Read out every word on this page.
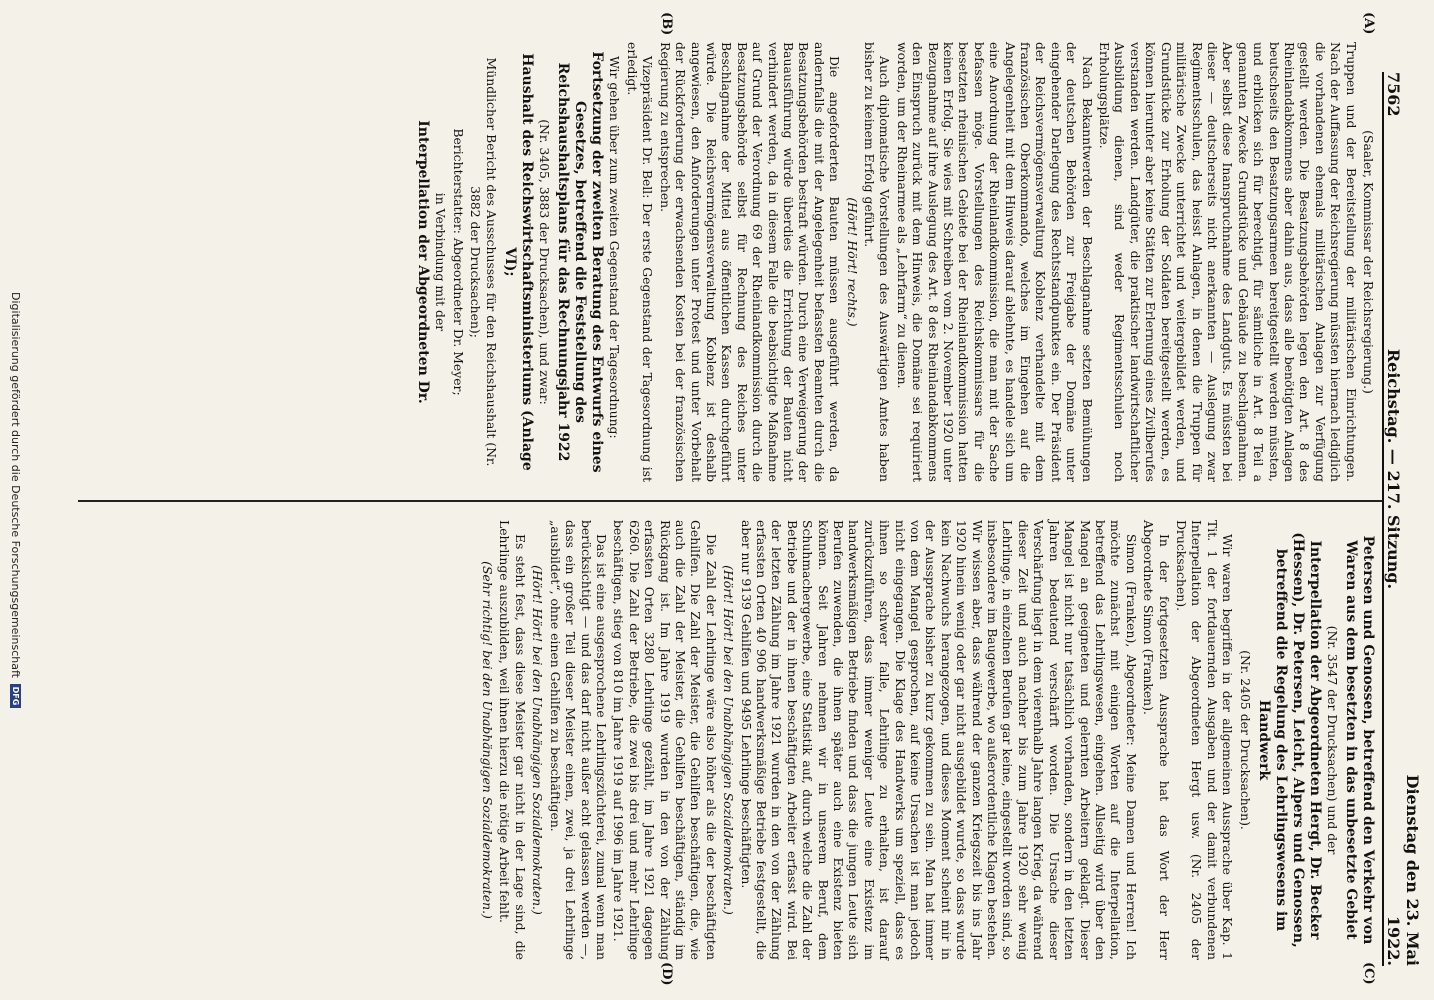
7562
Reichstag. — 217. Sitzung.
Dienstag den 23. Mai 1922.
(A)
(B)
(C)
(D)

(Saaler, Kommissar der Reichsregierung.)

Truppen und der Bereitstellung der militärischen Einrichtungen. Nach der Auffassung der Reichsregierung müssten hiernach lediglich die vorhandenen ehemals militärischen Anlagen zur Verfügung gestellt werden. Die Besatzungsbehörden legen den Art. 8 des Rheinlandabkommens aber dahin aus, dass alle benötigten Anlagen beutschseits den Besatzungsarmeen bereitgestellt werden müssten, und erblicken sich für berechtigt, für sämtliche in Art. 8 Teil a genannten Zwecke Grundstücke und Gebäude zu beschlagnahmen. Aber selbst diese Inanspruchnahme des Landguts. Es müssten bei dieser — deutscherseits nicht anerkannten — Auslegung zwar Regimentsschulen, das heisst Anlagen, in denen die Truppen für militärische Zwecke unterrichtet und weitergebildet werden, und Grundstücke zur Erholung der Soldaten bereitgestellt werden, es können hierunter aber keine Stätten zur Erlernung eines Zivilberufes verstanden werden. Landgüter, die praktischer landwirtschaftlicher Ausbildung dienen, sind weder Regimentsschulen noch Erholungsplätze.

Nach Bekanntwerden der Beschlagnahme setzten Bemühungen der deutschen Behörden zur Freigabe der Domäne unter eingehender Darlegung des Rechtsstandpunktes ein. Der Präsident der Reichsvermögensverwaltung Koblenz verhandelte mit dem französischen Oberkommando, welches im Eingehen auf die Angelegenheit mit dem Hinweis darauf ablehnte, es handele sich um eine Anordnung der Rheinlandkommission, die man mit der Sache befassen möge. Vorstellungen des Reichskommissars für die besetzten rheinischen Gebiete bei der Rheinlandkommission hatten keinen Erfolg. Sie wies mit Schreiben vom 2. November 1920 unter Bezugnahme auf ihre Auslegung des Art. 8 des Rheinlandabkommens den Einspruch zurück mit dem Hinweis, die Domäne sei requiriert worden, um der Rheinarmee als „Lehrfarm“ zu dienen.

Auch diplomatische Vorstellungen des Auswärtigen Amtes haben bisher zu keinem Erfolg geführt.

(Hört! Hört! rechts.)

Die angeforderten Bauten müssen ausgeführt werden, da andernfalls die mit der Angelegenheit befassten Beamten durch die Besatzungsbehörden bestraft würden. Durch eine Verweigerung der Bauausführung würde überdies die Errichtung der Bauten nicht verhindert werden, da in diesem Falle die beabsichtigte Maßnahme auf Grund der Verordnung 69 der Rheinlandkommission durch die Besatzungsbehörde selbst für Rechnung des Reiches unter Beschlagnahme der Mittel aus öffentlichen Kassen durchgeführt würde. Die Reichsvermögensverwaltung Koblenz ist deshalb angewiesen, den Anforderungen unter Protest und unter Vorbehalt der Rückforderung der erwachsenden Kosten bei der französischen Regierung zu entsprechen.

Vizepräsident Dr. Bell: Der erste Gegenstand der Tagesordnung ist erledigt.

Wir gehen über zum zweiten Gegenstand der Tagesordnung:

Fortsetzung der zweiten Beratung des Entwurfs eines Gesetzes, betreffend die Feststellung des Reichshaushaltsplans für das Rechnungsjahr 1922

(Nr. 3405, 3883 der Drucksachen), und zwar:

Haushalt des Reichswirtschaftsministeriums (Anlage VI);

Mündlicher Bericht des Ausschusses für den Reichshaushalt (Nr. 3882 der Drucksachen);

Berichterstatter: Abgeordneter Dr. Meyer;

in Verbindung mit der

Interpellation der Abgeordneten Dr.

Petersen und Genossen, betreffend den Verkehr von Waren aus dem besetzten in das unbesetzte Gebiet

(Nr. 3547 der Drucksachen) und der

Interpellation der Abgeordneten Hergt, Dr. Becker (Hessen), Dr. Petersen, Leicht, Alpers und Genossen, betreffend die Regelung des Lehrlingswesens im Handwerk

(Nr. 2405 der Drucksachen).

Wir waren begriffen in der allgemeinen Aussprache über Kap. 1 Tit. 1 der fortdauernden Ausgaben und der damit verbundenen Interpellation der Abgeordneten Hergt usw. (Nr. 2405 der Drucksachen).

In der fortgesetzten Aussprache hat das Wort der Herr Abgeordnete Simon (Franken).

Simon (Franken), Abgeordneter: Meine Damen und Herren! Ich möchte zunächst mit einigen Worten auf die Interpellation, betreffend das Lehrlingswesen, eingehen. Allseitig wird über den Mangel an geeigneten und gelernten Arbeitern geklagt. Dieser Mangel ist nicht nur tatsächlich vorhanden, sondern in den letzten Jahren bedeutend verschärft worden. Die Ursache dieser Verschärfung liegt in dem vierenhalb Jahre langen Krieg, da während dieser Zeit und auch nachher bis zum Jahre 1920 sehr wenig Lehrlinge, in einzelnen Berufen gar keine, eingestellt worden sind, so insbesondere im Baugewerbe, wo außerordentliche Klagen bestehen. Wir wissen aber, dass während der ganzen Kriegszeit bis ins Jahr 1920 hinein wenig oder gar nicht ausgebildet wurde, so dass wurde kein Nachwuchs herangezogen, und dieses Moment scheint mir in der Aussprache bisher zu kurz gekommen zu sein. Man hat immer von dem Mangel gesprochen, auf keine Ursachen ist man jedoch nicht eingegangen. Die Klage des Handwerks um speziell, dass es ihnen so schwer falle, Lehrlinge zu erhalten, ist darauf zurückzuführen, dass immer weniger Leute eine Existenz im handwerksmäßigen Betriebe finden und dass die jungen Leute sich Berufen zuwenden, die ihnen später auch eine Existenz bieten können. Seit Jahren nehmen wir in unserem Beruf, dem Schuhmachergewerbe, eine Statistik auf, durch welche die Zahl der Betriebe und der in ihnen beschäftigten Arbeiter erfasst wird. Bei der letzten Zählung im Jahre 1921 wurden in den von der Zählung erfassten Orten 40 906 handwerksmäßige Betriebe festgestellt, die aber nur 9139 Gehilfen und 9495 Lehrlinge beschäftigten.

(Hört! Hört! bei den Unabhängigen Sozialdemokraten.)

Die Zahl der Lehrlinge wäre also höher als die der beschäftigten Gehilfen. Die Zahl der Meister, die Gehilfen beschäftigen, die, wie auch die Zahl der Meister, die Gehilfen beschäftigen, ständig im Rückgang ist. Im Jahre 1919 wurden in den von der Zählung erfassten Orten 3280 Lehrlinge gezählt, im Jahre 1921 dagegen 6260. Die Zahl der Betriebe, die zwei bis drei und mehr Lehrlinge beschäftigen, stieg von 810 im Jahre 1919 auf 1996 im Jahre 1921.

Das ist eine ausgesprochene Lehrlingszüchterei, zumal wenn man berücksichtigt — und das darf nicht außer acht gelassen werden —, dass ein großer Teil dieser Meister einen, zwei, ja drei Lehrlinge „ausbildet“, ohne einen Gehilfen zu beschäftigen.

(Hört! Hört! bei den Unabhängigen Sozialdemokraten.)

Es steht fest, dass diese Meister gar nicht in der Lage sind, die Lehrlinge auszubilden, weil ihnen hierzu die nötige Arbeit fehlt.

(Sehr richtig! bei den Unabhängigen Sozialdemokraten.)

Digitalisierung gefördert durch die Deutsche Forschungsgemeinschaft
DFG
